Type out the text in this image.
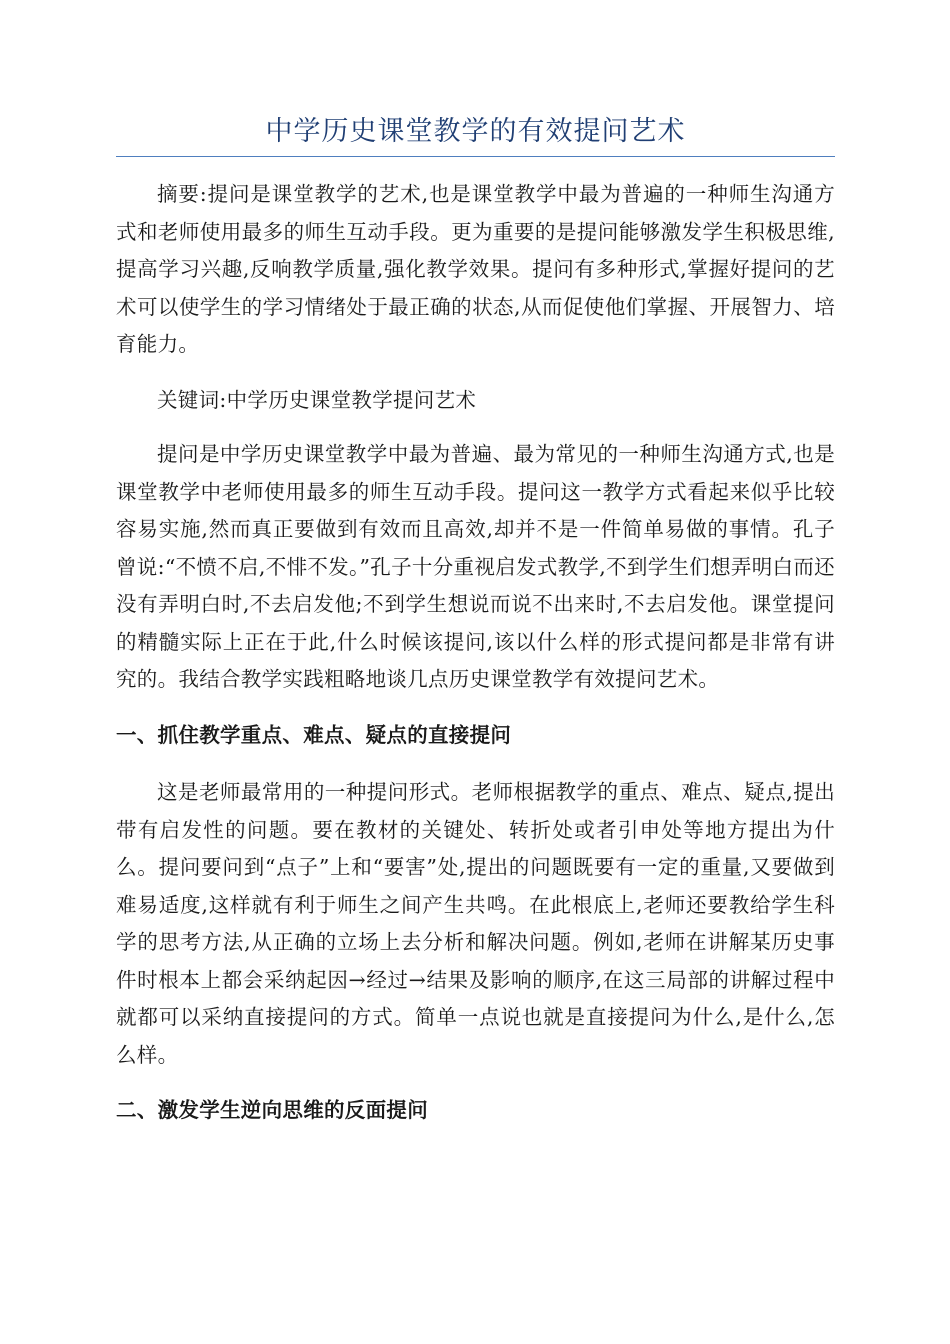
中学历史课堂教学的有效提问艺术

摘要:提问是课堂教学的艺术,也是课堂教学中最为普遍的一种师生沟通方式和老师使用最多的师生互动手段。更为重要的是提问能够激发学生积极思维,提高学习兴趣,反响教学质量,强化教学效果。提问有多种形式,掌握好提问的艺术可以使学生的学习情绪处于最正确的状态,从而促使他们掌握、开展智力、培育能力。

关键词:中学历史课堂教学提问艺术

提问是中学历史课堂教学中最为普遍、最为常见的一种师生沟通方式,也是课堂教学中老师使用最多的师生互动手段。提问这一教学方式看起来似乎比较容易实施,然而真正要做到有效而且高效,却并不是一件简单易做的事情。孔子曾说:“不愤不启,不悱不发。”孔子十分重视启发式教学,不到学生们想弄明白而还没有弄明白时,不去启发他;不到学生想说而说不出来时,不去启发他。课堂提问的精髓实际上正在于此,什么时候该提问,该以什么样的形式提问都是非常有讲究的。我结合教学实践粗略地谈几点历史课堂教学有效提问艺术。

一、抓住教学重点、难点、疑点的直接提问

这是老师最常用的一种提问形式。老师根据教学的重点、难点、疑点,提出带有启发性的问题。要在教材的关键处、转折处或者引申处等地方提出为什么。提问要问到“点子”上和“要害”处,提出的问题既要有一定的重量,又要做到难易适度,这样就有利于师生之间产生共鸣。在此根底上,老师还要教给学生科学的思考方法,从正确的立场上去分析和解决问题。例如,老师在讲解某历史事件时根本上都会采纳起因→经过→结果及影响的顺序,在这三局部的讲解过程中就都可以采纳直接提问的方式。简单一点说也就是直接提问为什么,是什么,怎么样。

二、激发学生逆向思维的反面提问
